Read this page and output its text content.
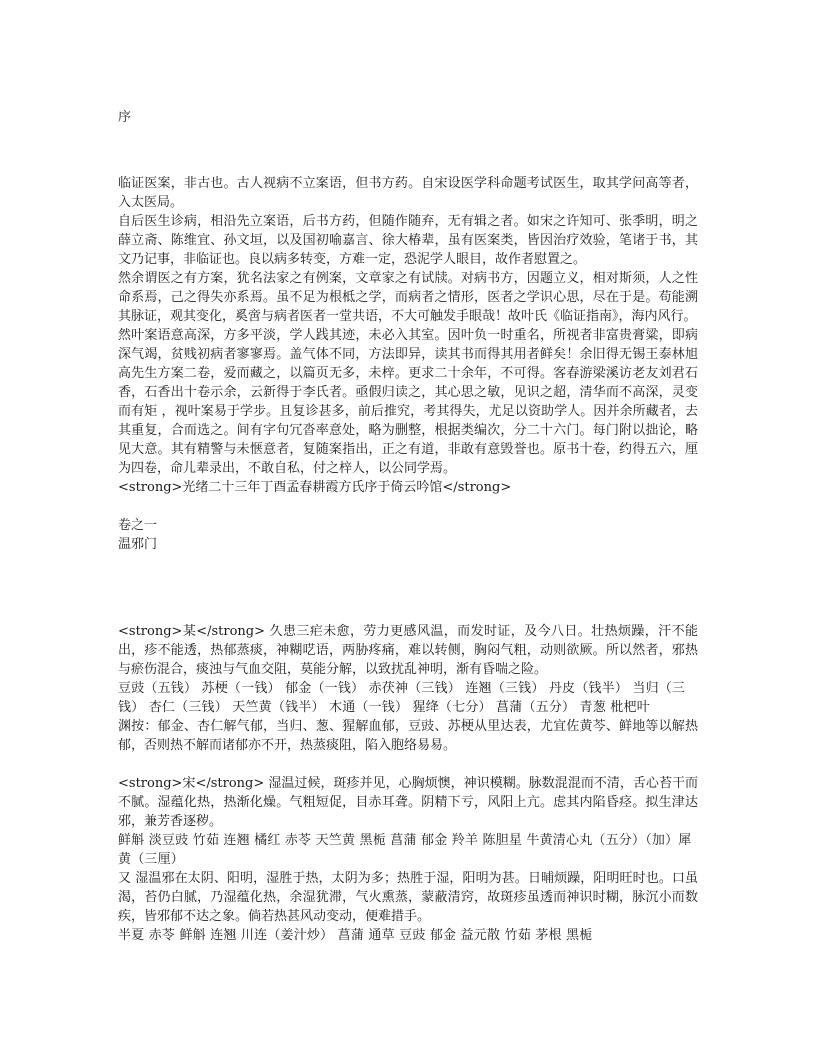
序

临证医案，非古也。古人视病不立案语，但书方药。自宋设医学科命题考试医生，取其学问高等者，入太医局。

自后医生诊病，相沿先立案语，后书方药，但随作随弃，无有辑之者。如宋之许知可、张季明，明之薛立斋、陈维宜、孙文垣，以及国初喻嘉言、徐大椿辈，虽有医案类，皆因治疗效验，笔诸于书，其文乃记事，非临证也。良以病多转变，方难一定，恐泥学人眼目，故作者慰置之。

然余谓医之有方案，犹名法家之有例案，文章家之有试牍。对病书方，因题立义，相对斯须，人之性命系焉，己之得失亦系焉。虽不足为根柢之学，而病者之情形，医者之学识心思，尽在于是。苟能溯其脉证，观其变化，奚啻与病者医者一堂共语，不大可触发手眼哉！故叶氏《临证指南》，海内风行。

然叶案语意高深，方多平淡，学人践其迹，未必入其室。因叶负一时重名，所视者非富贵膏粱，即病深气竭，贫贱初病者寥寥焉。盖气体不同，方法即异，读其书而得其用者鲜矣！余旧得无锡王泰林旭高先生方案二卷，爱而藏之，以篇页无多，未梓。更求二十余年，不可得。客春游梁溪访老友刘君石香，石香出十卷示余，云新得于李氏者。亟假归读之，其心思之敏，见识之超，清华而不高深，灵变而有矩 ，视叶案易于学步。且复诊甚多，前后推究，考其得失，尤足以资助学人。因并余所藏者，去其重复，合而选之。间有字句冗沓率意处，略为删整，根据类编次，分二十六门。每门附以拙论，略见大意。其有精警与未惬意者，复随案指出，正之有道，非敢有意毁誉也。原书十卷，约得五六，厘为四卷，命儿辈录出，不敢自私，付之梓人，以公同学焉。

<strong>光绪二十三年丁酉孟春耕霞方氏序于倚云吟馆</strong>

卷之一
温邪门

<strong>某</strong> 久患三疟未愈，劳力更感风温，而发时证，及今八日。壮热烦躁，汗不能出，疹不能透，热郁蒸痰，神糊呓语，两胁疼痛，难以转侧，胸闷气粗，动则欲厥。所以然者，邪热与瘀伤混合，痰浊与气血交阻，莫能分解，以致扰乱神明，渐有昏喘之险。

豆豉（五钱） 苏梗（一钱） 郁金（一钱） 赤茯神（三钱） 连翘（三钱） 丹皮（钱半） 当归（三钱） 杏仁（三钱） 天竺黄（钱半） 木通（一钱） 猩绛（七分） 菖蒲（五分） 青葱 枇杷叶

渊按：郁金、杏仁解气郁，当归、葱、猩解血郁，豆豉、苏梗从里达表，尤宜佐黄芩、鲜地等以解热郁，否则热不解而诸郁亦不开，热蒸痰阻，陷入胞络易易。

<strong>宋</strong> 湿温过候，斑疹并见，心胸烦懊，神识模糊。脉数混混而不清，舌心苔干而不腻。湿蕴化热，热渐化燥。气粗短促，目赤耳聋。阴精下亏，风阳上亢。虑其内陷昏痉。拟生津达邪，兼芳香逐秽。

鲜斛 淡豆豉 竹茹 连翘 橘红 赤苓 天竺黄 黑栀 菖蒲 郁金 羚羊 陈胆星 牛黄清心丸（五分）（加）犀黄（三厘）

又 湿温邪在太阴、阳明，湿胜于热，太阴为多；热胜于湿，阳明为甚。日晡烦躁，阳明旺时也。口虽渴，苔仍白腻，乃湿蕴化热，余湿犹滞，气火熏蒸，蒙蔽清窍，故斑疹虽透而神识时糊，脉沉小而数疾，皆邪郁不达之象。倘若热甚风动变动，便难措手。

半夏 赤苓 鲜斛 连翘 川连（姜汁炒） 菖蒲 通草 豆豉 郁金 益元散 竹茹 茅根 黑栀
